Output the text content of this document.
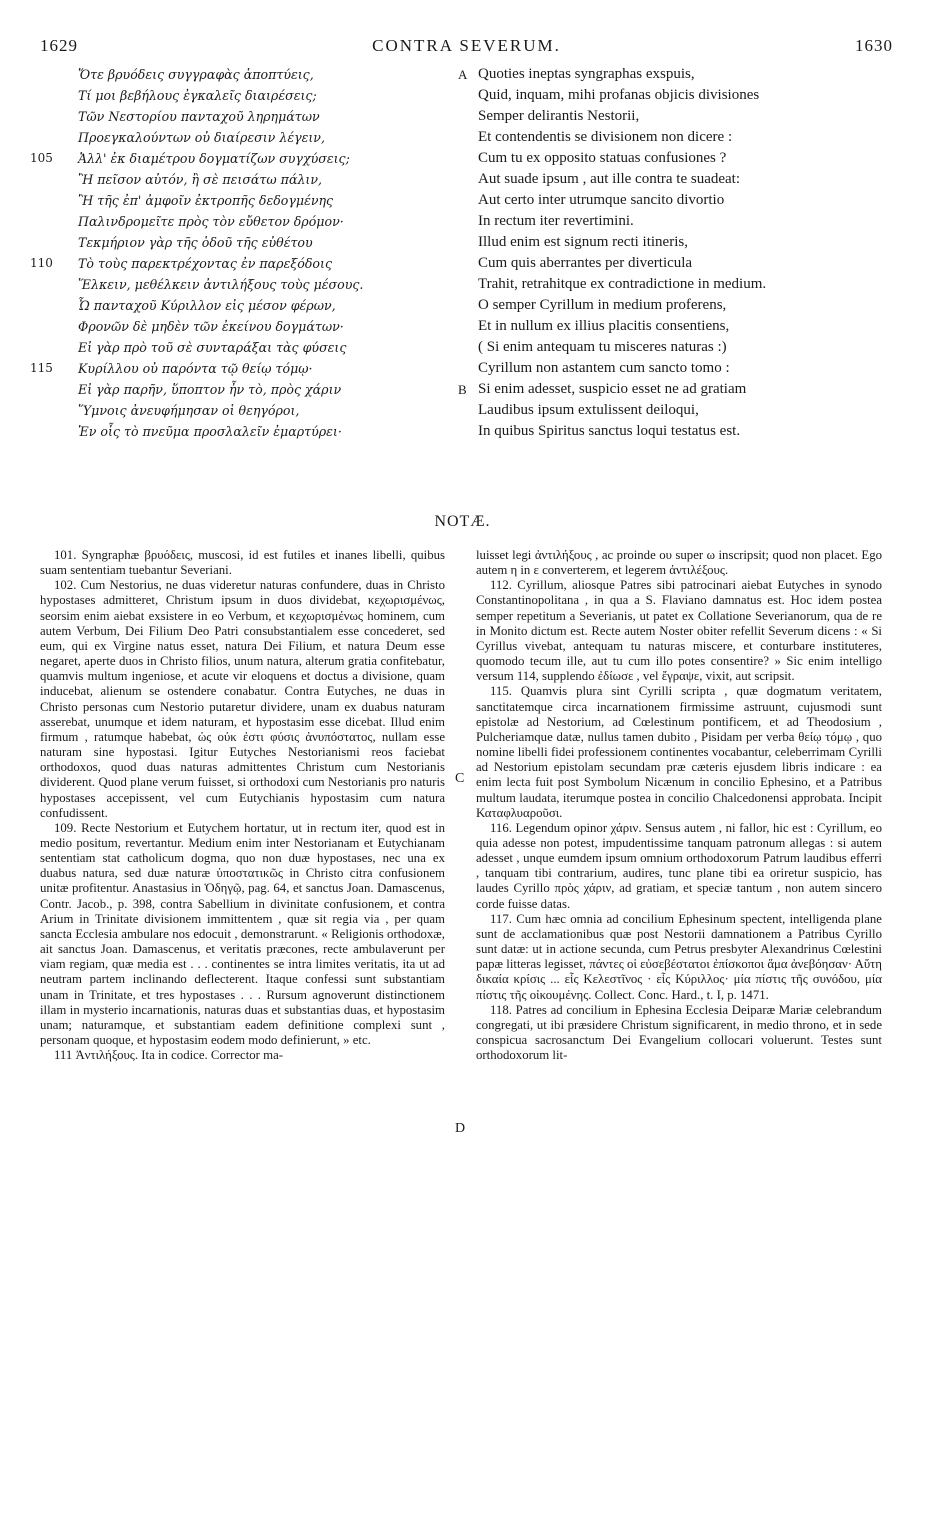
1629	CONTRA SEVERUM.	1630
Ὅτε βρυόδεις συγγραφὰς ἀποπτύεις,
Τί μοι βεβήλους ἐγκαλεῖς διαιρέσεις;
Τῶν Νεστορίου πανταχοῦ ληρημάτων
Προεγκαλούντων οὐ διαίρεσιν λέγειν,
105	Ἀλλ' ἐκ διαμέτρου δογματίζων συγχύσεις;
Ἢ πεῖσον αὐτόν, ἢ σὲ πεισάτω πάλιν,
Ἢ τῆς ἐπ' ἀμφοῖν ἐκτροπῆς δεδογμένης
Παλινδρομεῖτε πρὸς τὸν εὔθετον δρόμον·
Τεκμήριον γὰρ τῆς ὁδοῦ τῆς εὐθέτου
110	Τὸ τοὺς παρεκτρέχοντας ἐν παρεξόδοις
Ἕλκειν, μεθέλκειν ἀντιλήξους τοὺς μέσους.
Ὦ πανταχοῦ Κύριλλον εἰς μέσον φέρων,
Φρονῶν δὲ μηδὲν τῶν ἐκείνου δογμάτων·
Εἰ γὰρ πρὸ τοῦ σὲ συνταράξαι τὰς φύσεις
115	Κυρίλλου οὐ παρόντα τῷ θείῳ τόμῳ·
Εἰ γὰρ παρῆν, ὕποπτον ἦν τὸ, πρὸς χάριν
Ὕμνοις ἀνευφήμησαν οἱ θεηγόροι,
Ἐν οἷς τὸ πνεῦμα προσλαλεῖν ἐμαρτύρει·
A Quoties ineptas syngraphas exspuis,
Quid, inquam, mihi profanas objicis divisiones
Semper delirantis Nestorii,
Et contendentis se divisionem non dicere :
Cum tu ex opposito statuas confusiones ?
Aut suade ipsum , aut ille contra te suadeat:
Aut certo inter utrumque sancito divortio
In rectum iter revertimini.
Illud enim est signum recti itineris,
Cum quis aberrantes per diverticula
Trahit, retrahitque ex contradictione in medium.
O semper Cyrillum in medium proferens,
Et in nullum ex illius placitis consentiens,
( Si enim antequam tu misceres naturas :)
Cyrillum non astantem cum sancto tomo :
B Si enim adesset, suspicio esset ne ad gratiam
Laudibus ipsum extulissent deiloqui,
In quibus Spiritus sanctus loqui testatus est.
NOTÆ.

101. Syngraphæ βρυόδεις, muscosi, id est futiles et inanes libelli, quibus suam sententiam tuebantur Severiani.

102. Cum Nestorius, ne duas videretur naturas confundere, duas in Christo hypostases admitteret, Christum ipsum in duos dividebat, κεχωρισμένως, seorsim enim aiebat exsistere in eo Verbum, et κεχωρισμένως hominem, cum autem Verbum, Dei Filium Deo Patri consubstantialem esse concederet, sed eum, qui ex Virgine natus esset, natura Dei Filium, et natura Deum esse negaret, aperte duos in Christo filios, unum natura, alterum gratia confitebatur, quamvis multum ingeniose, et acute vir eloquens et doctus a divisione, quam inducebat, alienum se ostendere conabatur. Contra Eutyches, ne duas in Christo personas cum Nestorio putaretur dividere, unam ex duabus naturam asserebat, unumque et idem naturam, et hypostasim esse dicebat. Illud enim firmum , ratumque habebat, ὡς οὐκ ἐστι φύσις ἀνυπόστατος, nullam esse naturam sine hypostasi. Igitur Eutyches Nestorianismi reos faciebat orthodoxos, quod duas naturas admittentes Christum cum Nestorianis dividerent. Quod plane verum fuisset, si orthodoxi cum Nestorianis pro naturis hypostases accepissent, vel cum Eutychianis hypostasim cum natura confudissent.

109. Recte Nestorium et Eutychem hortatur, ut in rectum iter, quod est in medio positum, revertantur. Medium enim inter Nestorianam et Eutychianam sententiam stat catholicum dogma, quo non duæ hypostases, nec una ex duabus natura, sed duæ naturæ ὑποστατικῶς in Christo citra confusionem unitæ profitentur. Anastasius in Ὁδηγῷ, pag. 64, et sanctus Joan. Damascenus, Contr. Jacob., p. 398, contra Sabellium in divinitate confusionem, et contra Arium in Trinitate divisionem immittentem , quæ sit regia via , per quam sancta Ecclesia ambulare nos edocuit , demonstrarunt. « Religionis orthodoxæ, ait sanctus Joan. Damascenus, et veritatis præcones, recte ambulaverunt per viam regiam, quæ media est . . . continentes se intra limites veritatis, ita ut ad neutram partem inclinando deflecterent. Itaque confessi sunt substantiam unam in Trinitate, et tres hypostases . . . Rursum agnoverunt distinctionem illam in mysterio incarnationis, naturas duas et substantias duas, et hypostasim unam; naturamque, et substantiam eadem definitione complexi sunt , personam quoque, et hypostasim eodem modo definierunt, » etc.

111 Ἀντιλήξους. Ita in codice. Corrector ma-

C
D

luisset legi ἀντιλήξους , ac proinde ου super ω inscripsit; quod non placet. Ego autem η in ε converterem, et legerem ἀντιλέξους.

112. Cyrillum, aliosque Patres sibi patrocinari aiebat Eutyches in synodo Constantinopolitana , in qua a S. Flaviano damnatus est. Hoc idem postea semper repetitum a Severianis, ut patet ex Collatione Severianorum, qua de re in Monito dictum est. Recte autem Noster obiter refellit Severum dicens : « Si Cyrillus vivebat, antequam tu naturas miscere, et conturbare instituteres, quomodo tecum ille, aut tu cum illo potes consentire? » Sic enim intelligo versum 114, supplendo ἐδίωσε , vel ἔγραψε, vixit, aut scripsit.

115. Quamvis plura sint Cyrilli scripta , quæ dogmatum veritatem, sanctitatemque circa incarnationem firmissime astruunt, cujusmodi sunt epistolæ ad Nestorium, ad Cœlestinum pontificem, et ad Theodosium , Pulcheriamque datæ, nullus tamen dubito , Pisidam per verba θείῳ τόμῳ , quo nomine libelli fidei professionem continentes vocabantur, celeberrimam Cyrilli ad Nestorium epistolam secundam præ cæteris ejusdem libris indicare : ea enim lecta fuit post Symbolum Nicænum in concilio Ephesino, et a Patribus multum laudata, iterumque postea in concilio Chalcedonensi approbata. Incipit Καταφλυαροῦσι.

116. Legendum opinor χάριν. Sensus autem , ni fallor, hic est : Cyrillum, eo quia adesse non potest, impudentissime tanquam patronum allegas : si autem adesset , unque eumdem ipsum omnium orthodoxorum Patrum laudibus efferri , tanquam tibi contrarium, audires, tunc plane tibi ea oriretur suspicio, has laudes Cyrillo πρὸς χάριν, ad gratiam, et speciæ tantum , non autem sincero corde fuisse datas.

117. Cum hæc omnia ad concilium Ephesinum spectent, intelligenda plane sunt de acclamationibus quæ post Nestorii damnationem a Patribus Cyrillo sunt datæ: ut in actione secunda, cum Petrus presbyter Alexandrinus Cœlestini papæ litteras legisset, πάντες οἱ εὐσεβέστατοι ἐπίσκοποι ἅμα ἀνεβόησαν· Αὕτη δικαία κρίσις ... εἷς Κελεστῖνος · εἷς Κύριλλος· μία πίστις τῆς συνόδου, μία πίστις τῆς οἰκουμένης. Collect. Conc. Hard., t. I, p. 1471.

118. Patres ad concilium in Ephesina Ecclesia Deiparæ Mariæ celebrandum congregati, ut ibi præsidere Christum significarent, in medio throno, et in sede conspicua sacrosanctum Dei Evangelium collocari voluerunt. Testes sunt orthodoxorum lit-
